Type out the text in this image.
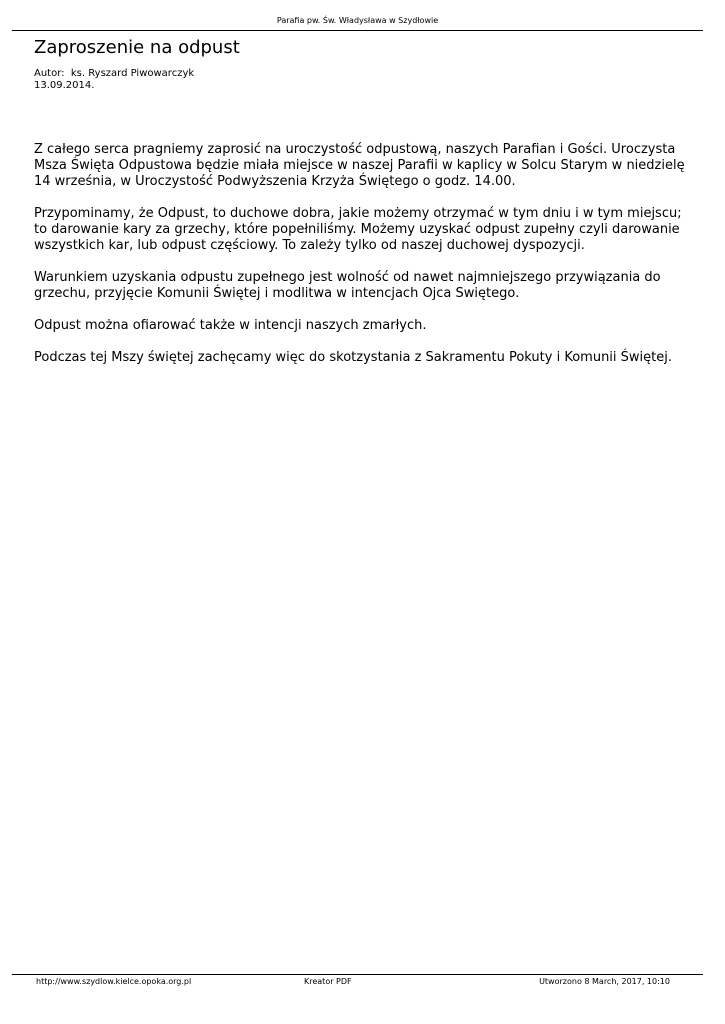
Parafia pw. Św. Władysława w Szydłowie
Zaproszenie na odpust
Autor: ks. Ryszard Piwowarczyk
13.09.2014.

Z całego serca pragniemy zaprosić na uroczystość odpustową, naszych Parafian i Gości. Uroczysta Msza Święta Odpustowa będzie miała miejsce w naszej Parafii w kaplicy w Solcu Starym w niedzielę 14 września, w Uroczystość Podwyższenia Krzyża Świętego o godz. 14.00.

Przypominamy, że Odpust, to duchowe dobra, jakie możemy otrzymać w tym dniu i w tym miejscu; to darowanie kary za grzechy, które popełniliśmy. Możemy uzyskać odpust zupełny czyli darowanie wszystkich kar, lub odpust częściowy. To zależy tylko od naszej duchowej dyspozycji.

Warunkiem uzyskania odpustu zupełnego jest wolność od nawet najmniejszego przywiązania do grzechu, przyjęcie Komunii Świętej i modlitwa w intencjach Ojca Swiętego.

Odpust można ofiarować także w intencji naszych zmarłych.

Podczas tej Mszy świętej zachęcamy więc do skotzystania z Sakramentu Pokuty i Komunii Świętej.

http://www.szydlow.kielce.opoka.org.pl	Kreator PDF	Utworzono 8 March, 2017, 10:10
